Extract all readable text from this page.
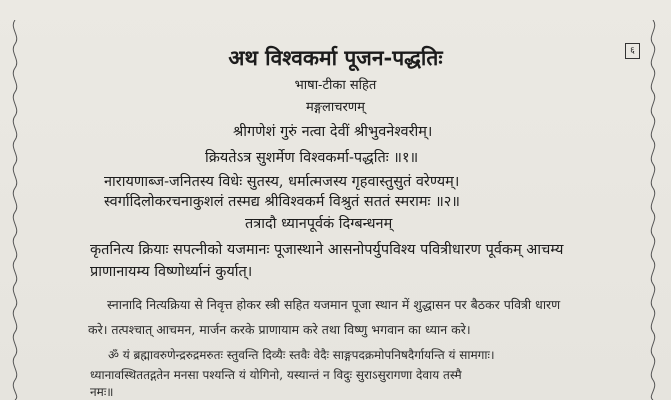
६
अथ विश्वकर्मा पूजन-पद्धतिः
भाषा-टीका सहित
मङ्गलाचरणम्
श्रीगणेशं गुरुं नत्वा देवीं श्रीभुवनेश्वरीम्।
क्रियतेऽत्र सुशर्मेण विश्वकर्मा-पद्धतिः ॥१॥
नारायणाब्ज-जनितस्य विधेः सुतस्य, धर्मात्मजस्य गृहवास्तुसुतं वरेण्यम्।
स्वर्गादिलोकरचनाकुशलं तस्मद्य श्रीविश्वकर्म विश्रुतं सततं स्मरामः ॥२॥
तत्रादौ ध्यानपूर्वकं दिग्बन्धनम्
कृतनित्य क्रियाः सपत्नीको यजमानः पूजास्थाने आसनोपर्युपविश्य पवित्रीधारण पूर्वकम् आचम्य
प्राणानायम्य विष्णोर्ध्यानं कुर्यात्।
स्नानादि नित्यक्रिया से निवृत्त होकर स्त्री सहित यजमान पूजा स्थान में शुद्धासन पर बैठकर पवित्री धारण
करे। तत्पश्चात् आचमन, मार्जन करके प्राणायाम करे तथा विष्णु भगवान का ध्यान करे।
ॐ यं ब्रह्मावरुणेन्द्ररुद्रमरुतः स्तुवन्ति दिव्यैः स्तवैः वेदैः साङ्गपदक्रमोपनिषदैर्गायन्ति यं सामगाः।
ध्यानावस्थिततद्गतेन मनसा पश्यन्ति यं योगिनो, यस्यान्तं न विदुः सुराऽसुरागणा देवाय तस्मै
नमः॥
